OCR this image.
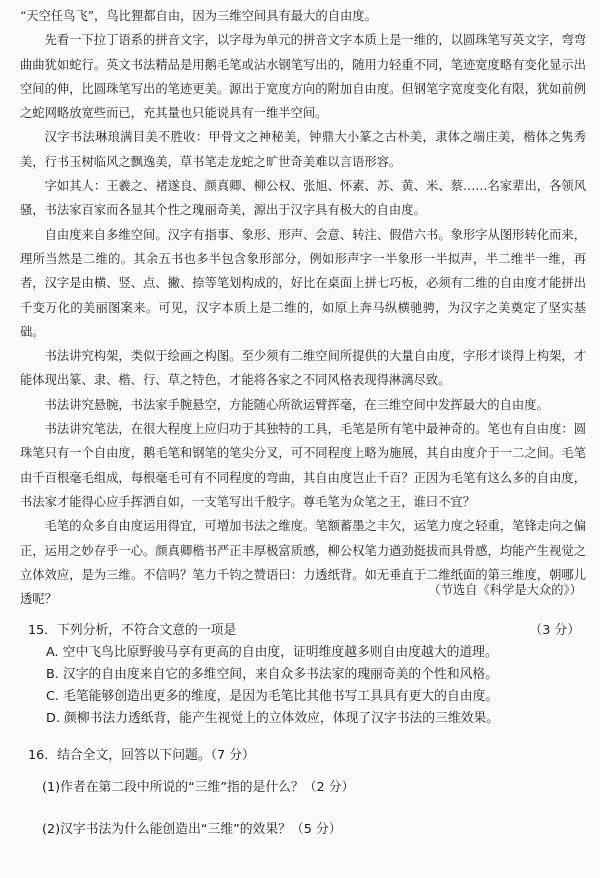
“天空任鸟飞”，鸟比狸都自由，因为三维空间具有最大的自由度。

先看一下拉丁语系的拼音文字，以字母为单元的拼音文字本质上是一维的，以圆珠笔写英文字，弯弯曲曲犹如蛇行。英文书法精品是用鹅毛笔或沾水钢笔写出的，随用力轻重不同，笔迹宽度略有变化显示出空间的伸，比圆珠笔写出的笔迹更美。源出于宽度方向的附加自由度。但钢笔字宽度变化有限，犹如前例之蛇网略放宽些而已，充其量也只能说具有一维半空间。

汉字书法琳琅满目美不胜收：甲骨文之神秘美，钟鼎大小篆之古朴美，隶体之端庄美，楷体之隽秀美，行书玉树临风之飘逸美，草书笔走龙蛇之旷世奇美难以言语形容。

字如其人：王羲之、褚遂良、颜真卿、柳公权、张旭、怀素、苏、黄、米、蔡……名家辈出，各领风骚，书法家百家而各显其个性之瑰丽奇美，源出于汉字具有极大的自由度。

自由度来自多维空间。汉字有指事、象形、形声、会意、转注、假借六书。象形字从图形转化而来，理所当然是二维的。其余五书也多半包含象形部分，例如形声字一半象形一半拟声，半二维半一维，再者，汉字是由横、竖、点、撇、捺等笔划构成的，好比在桌面上拼七巧板，必须有二维的自由度才能拼出千变万化的美丽图案来。可见，汉字本质上是二维的，如原上奔马纵横驰骋，为汉字之美奠定了坚实基础。

书法讲究构架，类似于绘画之构图。至少须有二维空间所提供的大量自由度，字形才谈得上构架，才能体现出篆、隶、楷、行、草之特色，才能将各家之不同风格表现得淋漓尽致。

书法讲究悬腕，书法家手腕悬空，方能随心所欲运臂挥毫，在三维空间中发挥最大的自由度。

书法讲究笔法，在很大程度上应归功于其独特的工具，毛笔是所有笔中最神奇的。笔也有自由度：圆珠笔只有一个自由度，鹅毛笔和钢笔的笔尖分叉，可不同程度上略为施展，其自由度介于一二之间。毛笔由千百根毫毛组成，每根毫毛可有不同程度的弯曲，其自由度岂止千百？正因为毛笔有这么多的自由度，书法家才能得心应手挥洒自如，一支笔写出千般字。尊毛笔为众笔之王，谁曰不宜？

毛笔的众多自由度运用得宜，可增加书法之维度。笔额蓄墨之丰欠，运笔力度之轻重，笔锋走向之偏正，运用之妙存乎一心。颜真卿楷书严正丰厚极富质感，柳公权笔力遒劲挺拔而具骨感，均能产生视觉之立体效应，是为三维。不信吗？笔力千钧之赞语曰：力透纸背。如无垂直于二维纸面的第三维度，朝哪儿透呢？

（节选自《科学是大众的》）
15．下列分析，不符合文意的一项是	（3 分）
A. 空中飞鸟比原野骏马享有更高的自由度，证明维度越多则自由度越大的道理。
B. 汉字的自由度来自它的多维空间，来自众多书法家的瑰丽奇美的个性和风格。
C. 毛笔能够创造出更多的维度，是因为毛笔比其他书写工具具有更大的自由度。
D. 颜柳书法力透纸背，能产生视觉上的立体效应，体现了汉字书法的三维效果。
16．结合全文，回答以下问题。（7 分）
(1)作者在第二段中所说的“三维”指的是什么？（2 分）
(2)汉字书法为什么能创造出“三维”的效果？（5 分）
